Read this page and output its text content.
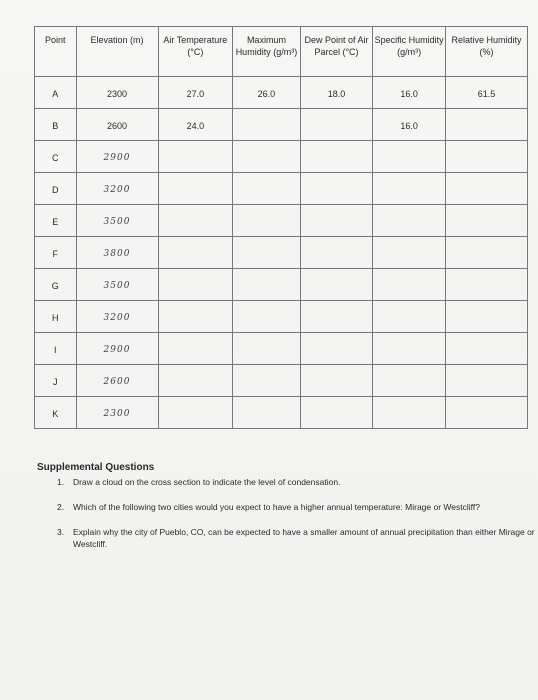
Point	Elevation (m)	Air Temperature (°C)	Maximum Humidity (g/m³)	Dew Point of Air Parcel (°C)	Specific Humidity (g/m³)	Relative Humidity (%)
A	2300	27.0	26.0	18.0	16.0	61.5
B	2600	24.0			16.0	
C	2900					
D	3200					
E	3500					
F	3800					
G	3500					
H	3200					
I	2900					
J	2600					
K	2300					
Supplemental Questions
1.	Draw a cloud on the cross section to indicate the level of condensation.
2.	Which of the following two cities would you expect to have a higher annual temperature: Mirage or Westcliff?
3.	Explain why the city of Pueblo, CO, can be expected to have a smaller amount of annual precipitation than either Mirage or Westcliff.
